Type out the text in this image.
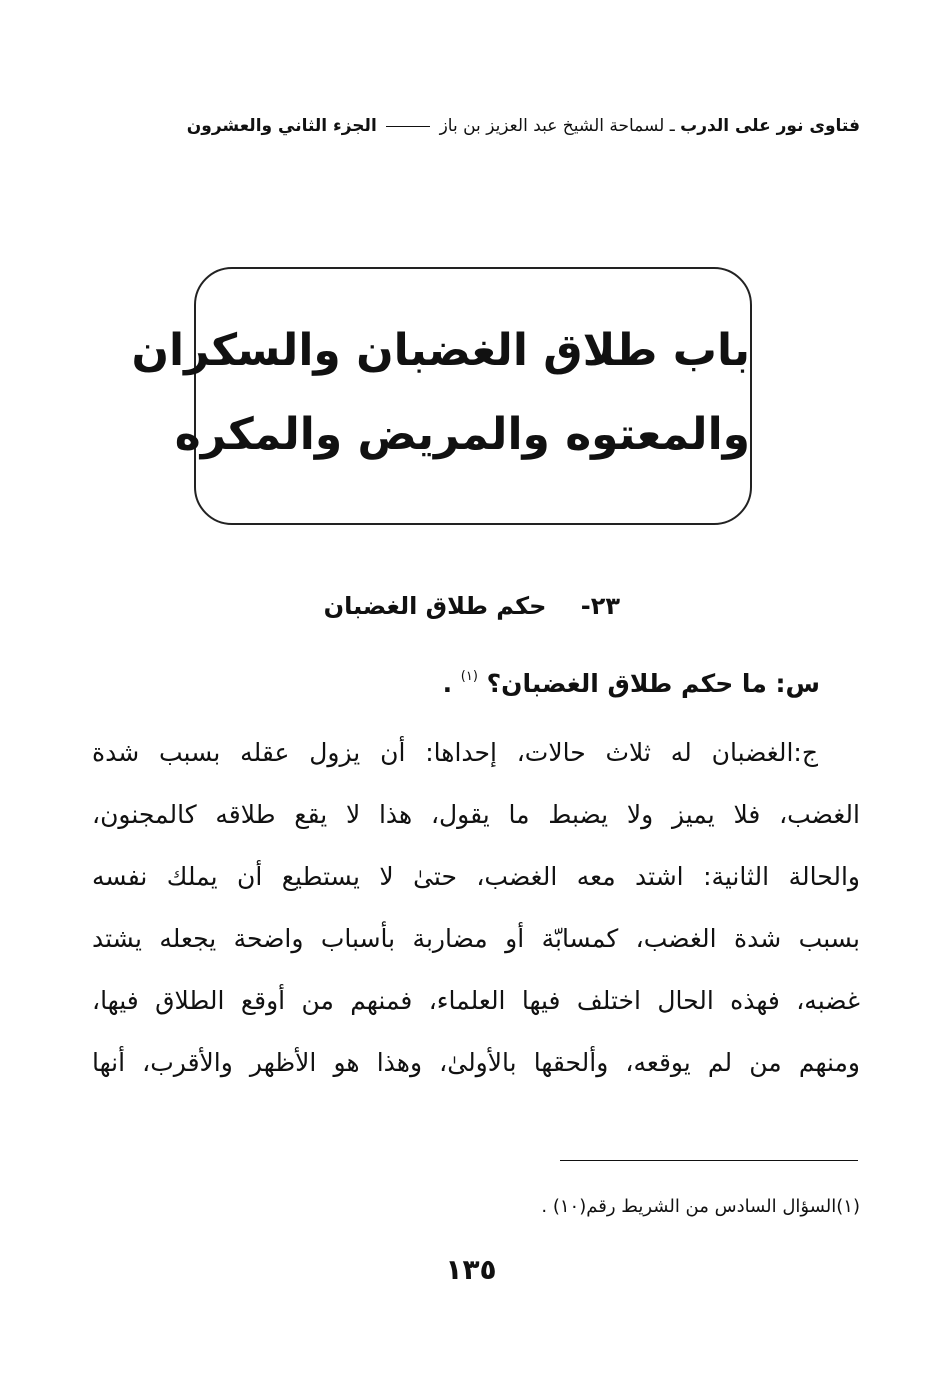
فتاوى نور على الدرب ـ لسماحة الشيخ عبد العزيز بن باز  الجزء الثاني والعشرون
باب طلاق الغضبان والسكران
والمعتوه والمريض والمكره
٢٣- حكم طلاق الغضبان
س: ما حكم طلاق الغضبان؟ $^{(١)}$ .
ج:الغضبان له ثلاث حالات، إحداها: أن يزول عقله بسبب شدة
الغضب، فلا يميز ولا يضبط ما يقول، هذا لا يقع طلاقه كالمجنون،
والحالة الثانية: اشتد معه الغضب، حتىٰ لا يستطيع أن يملك نفسه
بسبب شدة الغضب، كمسابّة أو مضاربة بأسباب واضحة يجعله يشتد
غضبه، فهذه الحال اختلف فيها العلماء، فمنهم من أوقع الطلاق فيها،
ومنهم من لم يوقعه، وألحقها بالأولىٰ، وهذا هو الأظهر والأقرب، أنها
(١)السؤال السادس من الشريط رقم(١٠) .
١٣٥
